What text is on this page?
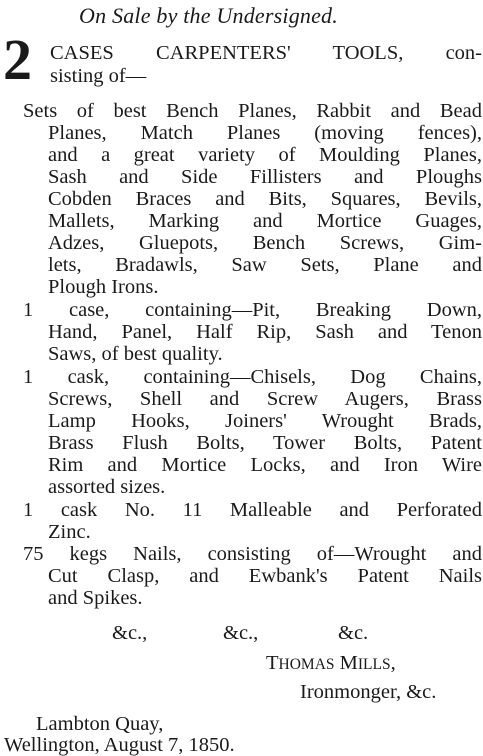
On Sale by the Undersigned.
2 CASES CARPENTERS' TOOLS, con-
sisting of—
Sets of best Bench Planes, Rabbit and Bead
Planes, Match Planes (moving fences),
and a great variety of Moulding Planes,
Sash and Side Fillisters and Ploughs
Cobden Braces and Bits, Squares, Bevils,
Mallets, Marking and Mortice Guages,
Adzes, Gluepots, Bench Screws, Gim-
lets, Bradawls, Saw Sets, Plane and
Plough Irons.
1 case, containing—Pit, Breaking Down,
Hand, Panel, Half Rip, Sash and Tenon
Saws, of best quality.
1 cask, containing—Chisels, Dog Chains,
Screws, Shell and Screw Augers, Brass
Lamp Hooks, Joiners' Wrought Brads,
Brass Flush Bolts, Tower Bolts, Patent
Rim and Mortice Locks, and Iron Wire
assorted sizes.
1 cask No. 11 Malleable and Perforated
Zinc.
75 kegs Nails, consisting of—Wrought and
Cut Clasp, and Ewbank's Patent Nails
and Spikes.
&c.,	&c.,	&c.
THOMAS MILLS,
Ironmonger, &c.
Lambton Quay,
Wellington, August 7, 1850.
